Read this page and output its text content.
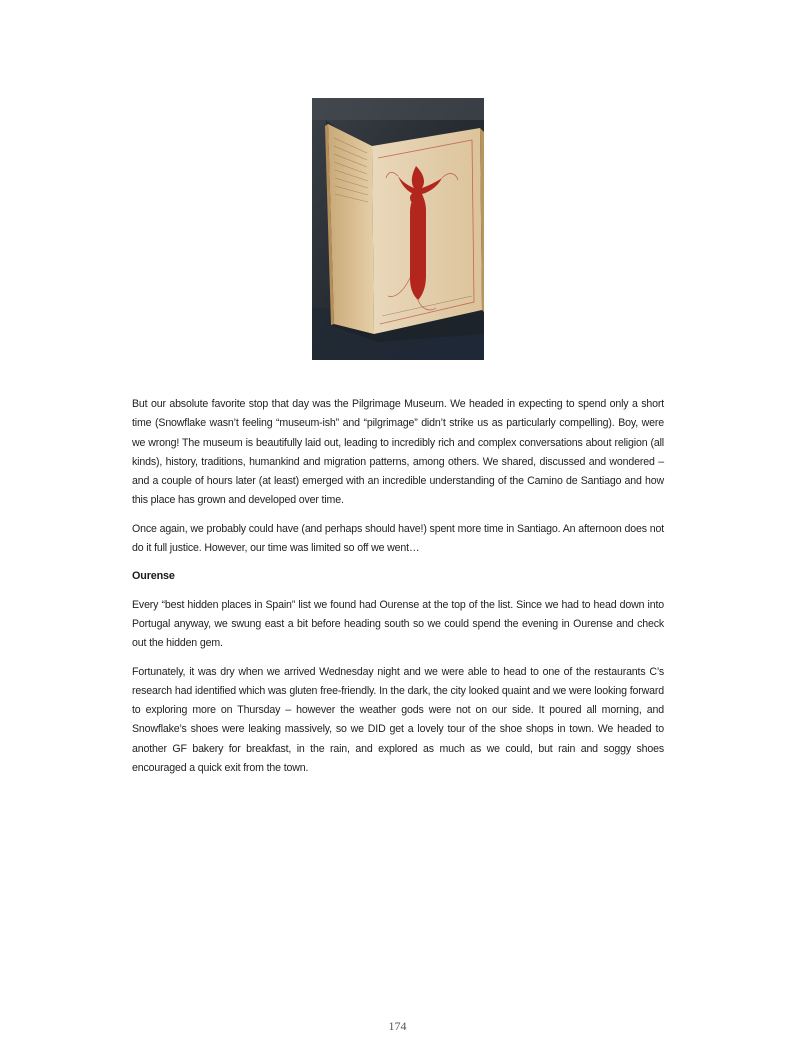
But our absolute favorite stop that day was the Pilgrimage Museum. We headed in expecting to spend only a short time (Snowflake wasn’t feeling “museum-ish” and “pilgrimage” didn’t strike us as particularly compelling). Boy, were we wrong! The museum is beautifully laid out, leading to incredibly rich and complex conversations about religion (all kinds), history, traditions, humankind and migration patterns, among others. We shared, discussed and wondered – and a couple of hours later (at least) emerged with an incredible understanding of the Camino de Santiago and how this place has grown and developed over time.

Once again, we probably could have (and perhaps should have!) spent more time in Santiago. An afternoon does not do it full justice. However, our time was limited so off we went…

Ourense

Every “best hidden places in Spain” list we found had Ourense at the top of the list. Since we had to head down into Portugal anyway, we swung east a bit before heading south so we could spend the evening in Ourense and check out the hidden gem.

Fortunately, it was dry when we arrived Wednesday night and we were able to head to one of the restaurants C’s research had identified which was gluten free-friendly. In the dark, the city looked quaint and we were looking forward to exploring more on Thursday – however the weather gods were not on our side. It poured all morning, and Snowflake’s shoes were leaking massively, so we DID get a lovely tour of the shoe shops in town. We headed to another GF bakery for breakfast, in the rain, and explored as much as we could, but rain and soggy shoes encouraged a quick exit from the town.

174
